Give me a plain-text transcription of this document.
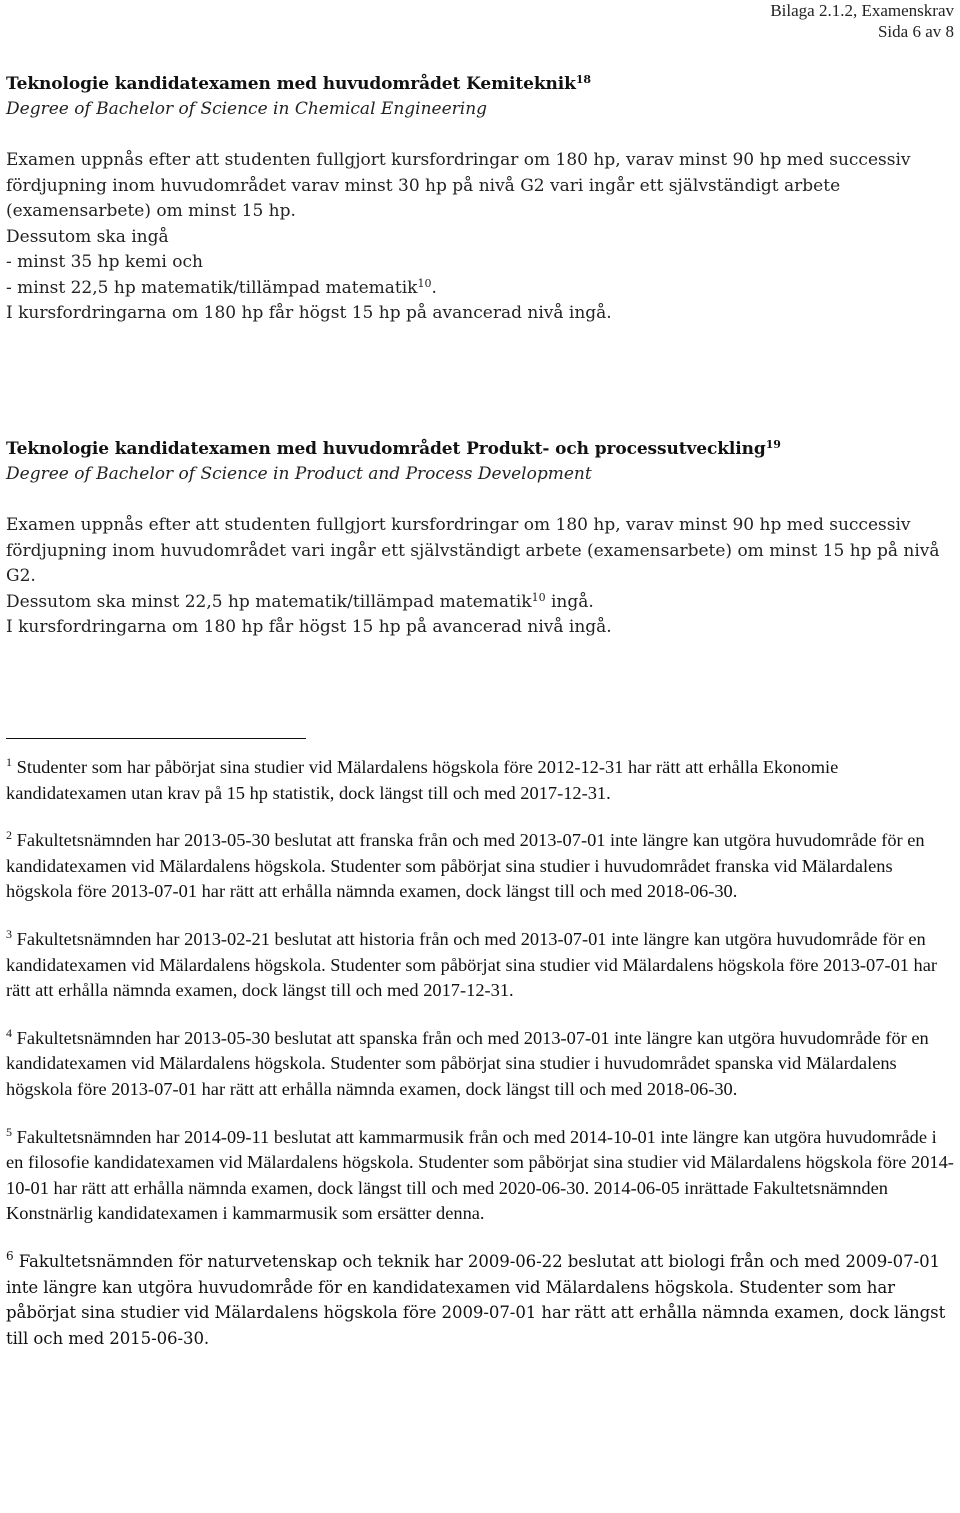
Bilaga 2.1.2, Examenskrav
Sida 6 av 8
Teknologie kandidatexamen med huvudområdet Kemiteknik$^{18}$
Degree of Bachelor of Science in Chemical Engineering

Examen uppnås efter att studenten fullgjort kursfordringar om 180 hp, varav minst 90 hp med successiv fördjupning inom huvudområdet varav minst 30 hp på nivå G2 vari ingår ett självständigt arbete (examensarbete) om minst 15 hp.

Dessutom ska ingå

- minst 35 hp kemi och

- minst 22,5 hp matematik/tillämpad matematik$^{10}$.

I kursfordringarna om 180 hp får högst 15 hp på avancerad nivå ingå.

Teknologie kandidatexamen med huvudområdet Produkt- och processutveckling$^{19}$
Degree of Bachelor of Science in Product and Process Development

Examen uppnås efter att studenten fullgjort kursfordringar om 180 hp, varav minst 90 hp med successiv fördjupning inom huvudområdet vari ingår ett självständigt arbete (examensarbete) om minst 15 hp på nivå G2.

Dessutom ska minst 22,5 hp matematik/tillämpad matematik$^{10}$ ingå.

I kursfordringarna om 180 hp får högst 15 hp på avancerad nivå ingå.

$^1$ Studenter som har påbörjat sina studier vid Mälardalens högskola före 2012-12-31 har rätt att erhålla Ekonomie kandidatexamen utan krav på 15 hp statistik, dock längst till och med 2017-12-31.

$^2$ Fakultetsnämnden har 2013-05-30 beslutat att franska från och med 2013-07-01 inte längre kan utgöra huvudområde för en kandidatexamen vid Mälardalens högskola. Studenter som påbörjat sina studier i huvudområdet franska vid Mälardalens högskola före 2013-07-01 har rätt att erhålla nämnda examen, dock längst till och med 2018-06-30.

$^3$ Fakultetsnämnden har 2013-02-21 beslutat att historia från och med 2013-07-01 inte längre kan utgöra huvudområde för en kandidatexamen vid Mälardalens högskola. Studenter som påbörjat sina studier vid Mälardalens högskola före 2013-07-01 har rätt att erhålla nämnda examen, dock längst till och med 2017-12-31.

$^4$ Fakultetsnämnden har 2013-05-30 beslutat att spanska från och med 2013-07-01 inte längre kan utgöra huvudområde för en kandidatexamen vid Mälardalens högskola. Studenter som påbörjat sina studier i huvudområdet spanska vid Mälardalens högskola före 2013-07-01 har rätt att erhålla nämnda examen, dock längst till och med 2018-06-30.

$^5$ Fakultetsnämnden har 2014-09-11 beslutat att kammarmusik från och med 2014-10-01 inte längre kan utgöra huvudområde i en filosofie kandidatexamen vid Mälardalens högskola. Studenter som påbörjat sina studier vid Mälardalens högskola före 2014-10-01 har rätt att erhålla nämnda examen, dock längst till och med 2020-06-30. 2014-06-05 inrättade Fakultetsnämnden Konstnärlig kandidatexamen i kammarmusik som ersätter denna.

$^6$ Fakultetsnämnden för naturvetenskap och teknik har 2009-06-22 beslutat att biologi från och med 2009-07-01 inte längre kan utgöra huvudområde för en kandidatexamen vid Mälardalens högskola. Studenter som har påbörjat sina studier vid Mälardalens högskola före 2009-07-01 har rätt att erhålla nämnda examen, dock längst till och med 2015-06-30.
